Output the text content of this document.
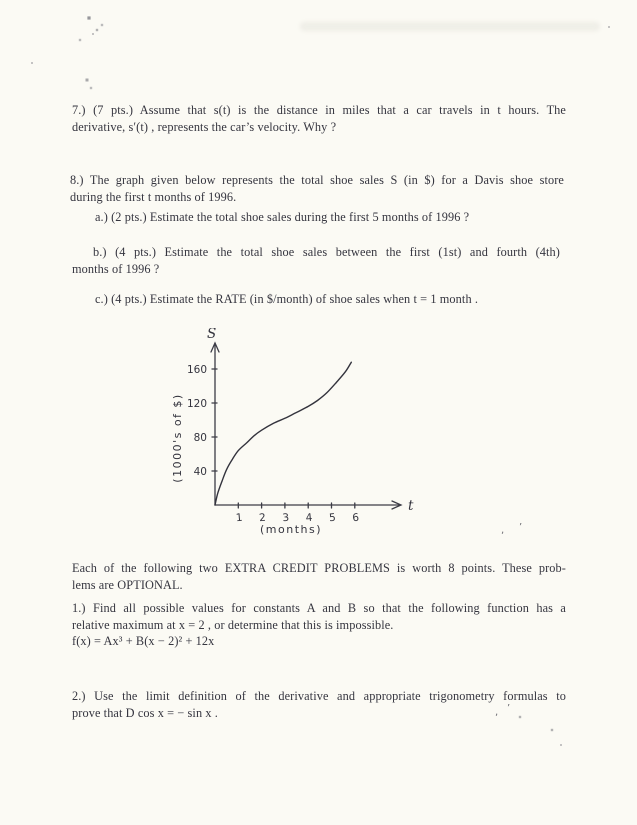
7.) (7 pts.) Assume that s(t) is the distance in miles that a car travels in t hours. The
derivative, s′(t) , represents the car’s velocity. Why ?
8.) The graph given below represents the total shoe sales S (in $) for a Davis shoe store
during the first t months of 1996.
a.) (2 pts.) Estimate the total shoe sales during the first 5 months of 1996 ?
b.) (4 pts.) Estimate the total shoe sales between the first (1st) and fourth (4th)
months of 1996 ?
c.) (4 pts.) Estimate the RATE (in $/month) of shoe sales when t = 1 month .
40
80
120
160
1 2 3 4 5 6
S
t
(months)
(1000's of $)
Each of the following two EXTRA CREDIT PROBLEMS is worth 8 points. These prob-
lems are OPTIONAL.
1.) Find all possible values for constants A and B so that the following function has a
relative maximum at x = 2 , or determine that this is impossible.
f(x) = Ax³ + B(x − 2)² + 12x
2.) Use the limit definition of the derivative and appropriate trigonometry formulas to
prove that D cos x = − sin x .
, ’
, ’
